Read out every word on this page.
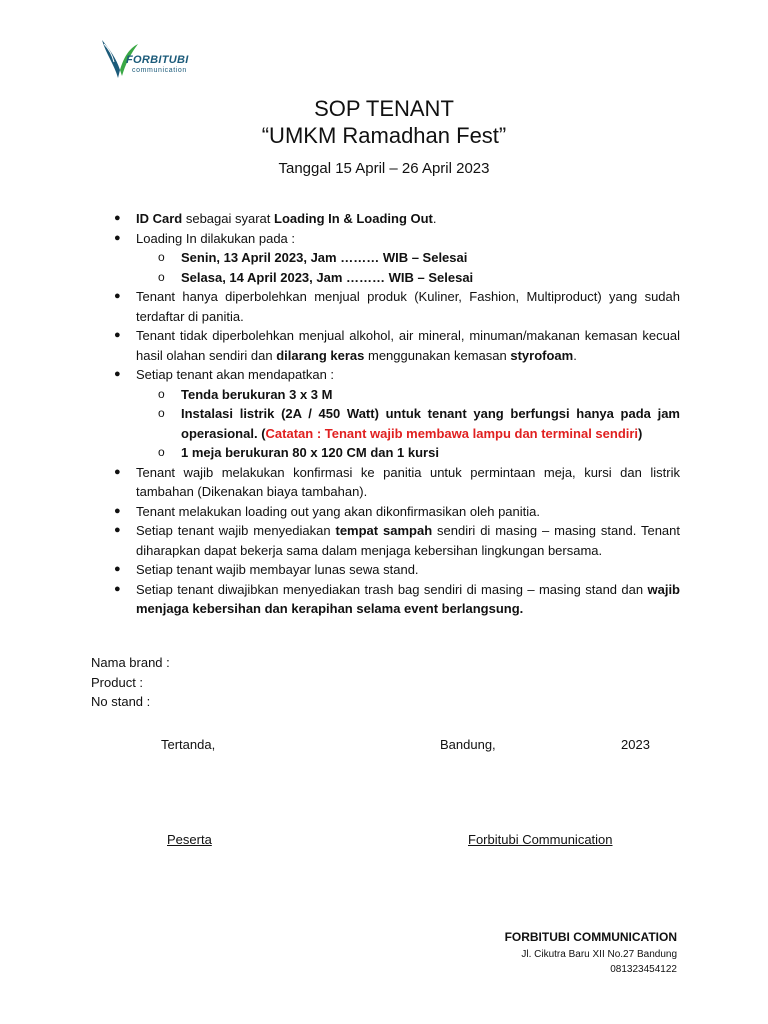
FORBITUBI
communication
SOP TENANT
“UMKM Ramadhan Fest”
Tanggal 15 April – 26 April 2023
● ID Card sebagai syarat Loading In & Loading Out.
● Loading In dilakukan pada :
o Senin, 13 April 2023, Jam ……… WIB – Selesai
o Selasa, 14 April 2023, Jam ……… WIB – Selesai
● Tenant hanya diperbolehkan menjual produk (Kuliner, Fashion, Multiproduct) yang sudah terdaftar di panitia.
● Tenant tidak diperbolehkan menjual alkohol, air mineral, minuman/makanan kemasan kecual hasil olahan sendiri dan dilarang keras menggunakan kemasan styrofoam.
● Setiap tenant akan mendapatkan :
o Tenda berukuran 3 x 3 M
o Instalasi listrik (2A / 450 Watt) untuk tenant yang berfungsi hanya pada jam operasional. (Catatan : Tenant wajib membawa lampu dan terminal sendiri)
o 1 meja berukuran 80 x 120 CM dan 1 kursi
● Tenant wajib melakukan konfirmasi ke panitia untuk permintaan meja, kursi dan listrik tambahan (Dikenakan biaya tambahan).
● Tenant melakukan loading out yang akan dikonfirmasikan oleh panitia.
● Setiap tenant wajib menyediakan tempat sampah sendiri di masing – masing stand. Tenant diharapkan dapat bekerja sama dalam menjaga kebersihan lingkungan bersama.
● Setiap tenant wajib membayar lunas sewa stand.
● Setiap tenant diwajibkan menyediakan trash bag sendiri di masing – masing stand dan wajib menjaga kebersihan dan kerapihan selama event berlangsung.
Nama brand :
Product :
No stand :
Tertanda,	Bandung,	2023
Peserta	Forbitubi Communication
FORBITUBI COMMUNICATION
Jl. Cikutra Baru XII No.27 Bandung
081323454122
